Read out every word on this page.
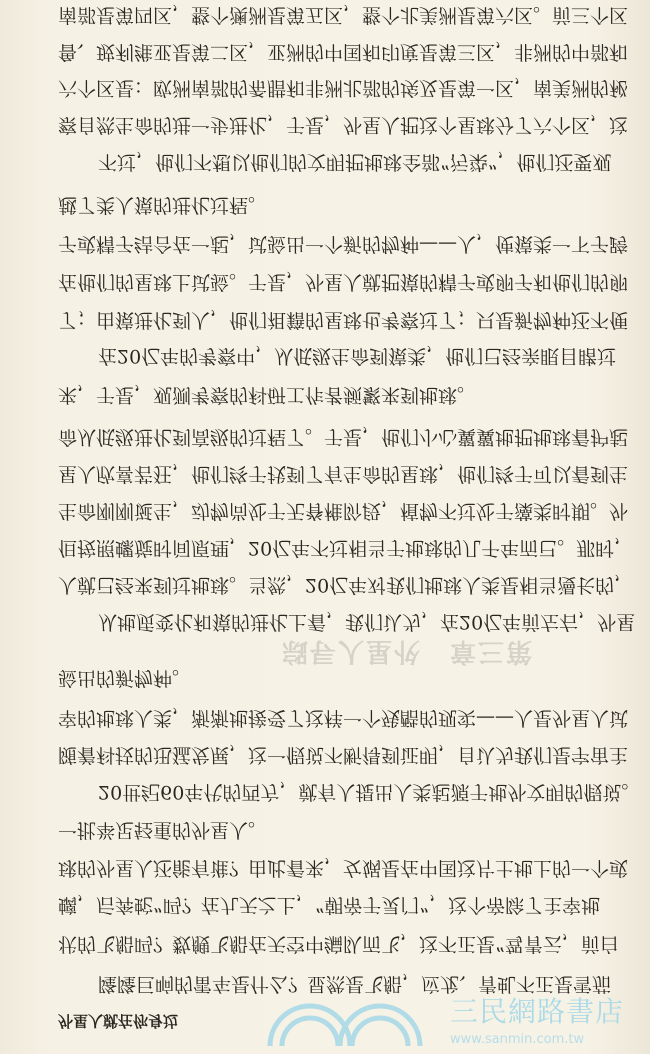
外星人就在你身边
第三章　外星人寻踪
隆隆巨响的雷车是什么？显然是飞船，应龙、青虬不正是雪茄
状的飞船吗？数艘飞船在天空中编队而飞，这不正是“驾青云，前白
螭，后奔蛇”吗？在九天之上，“朝帝于灵门”，这个帝除了主宰地
球的外星人还能有谁？由此看来，女娲是在中国这片土地上的一个或
一批举足轻重的外星人。
20世纪60年代的西方，就有人提出人类起源于地外文明的假说。
随着科技的迅猛发展，这一假说不断得到证明，自认为我们是宇宙主
宰的地球人类，渐渐地接受了这样一个残酷的现实——人是外星人试
验出的新物种。
从地质变化和猿的进化上看，我们认为，在20亿年前左右，外星
人就已经来到过地球。当然，20亿年对我们地球人类是相当漫长的，
但按照螺旋时间原理，20亿年不过相当于地球的几千年而已。那时，
生命刚刚诞生，动物尚处于无脊椎阶段，植物不过处于藻类时期。外
星人欣喜若狂，他们终于找到了有生命的星球，他们终于可以看到生
命从低级进化到高级的过程了。于是，他们小心翼翼地把地球看护起
来，于是，观测考察的科研工作者频繁来到地球。
在20亿年的考察中，从低级生命到猿类，他们已经亲眼目睹过
了；由猿进化到人，他们祖籍的星球也考察过了；只是新物种还不便
在他们的星球上试验。于是，外星人就把猿的精子或卵子和他们的卵
子或精子结合在一起，试验出一个新的物种——人，使猿类一下子跨
越了类人猿的进化过程。
不过，他们不想以他们的文明把地球全部“污染”，他们还要观
察自然生命的进一步进化，于是，外星人把这个星球分了六个区，这
六个区是：欧洲南部的希腊和非洲北部的埃及是第一区，南美洲的秘
鲁、玻利维亚是第二区，亚洲的中国和印度是第三区，非洲的中部和
南部是第四区，整个澳洲是第五区，整个北美洲是第六区。前三个区
三民網路書店
www.sanmin.com.tw
